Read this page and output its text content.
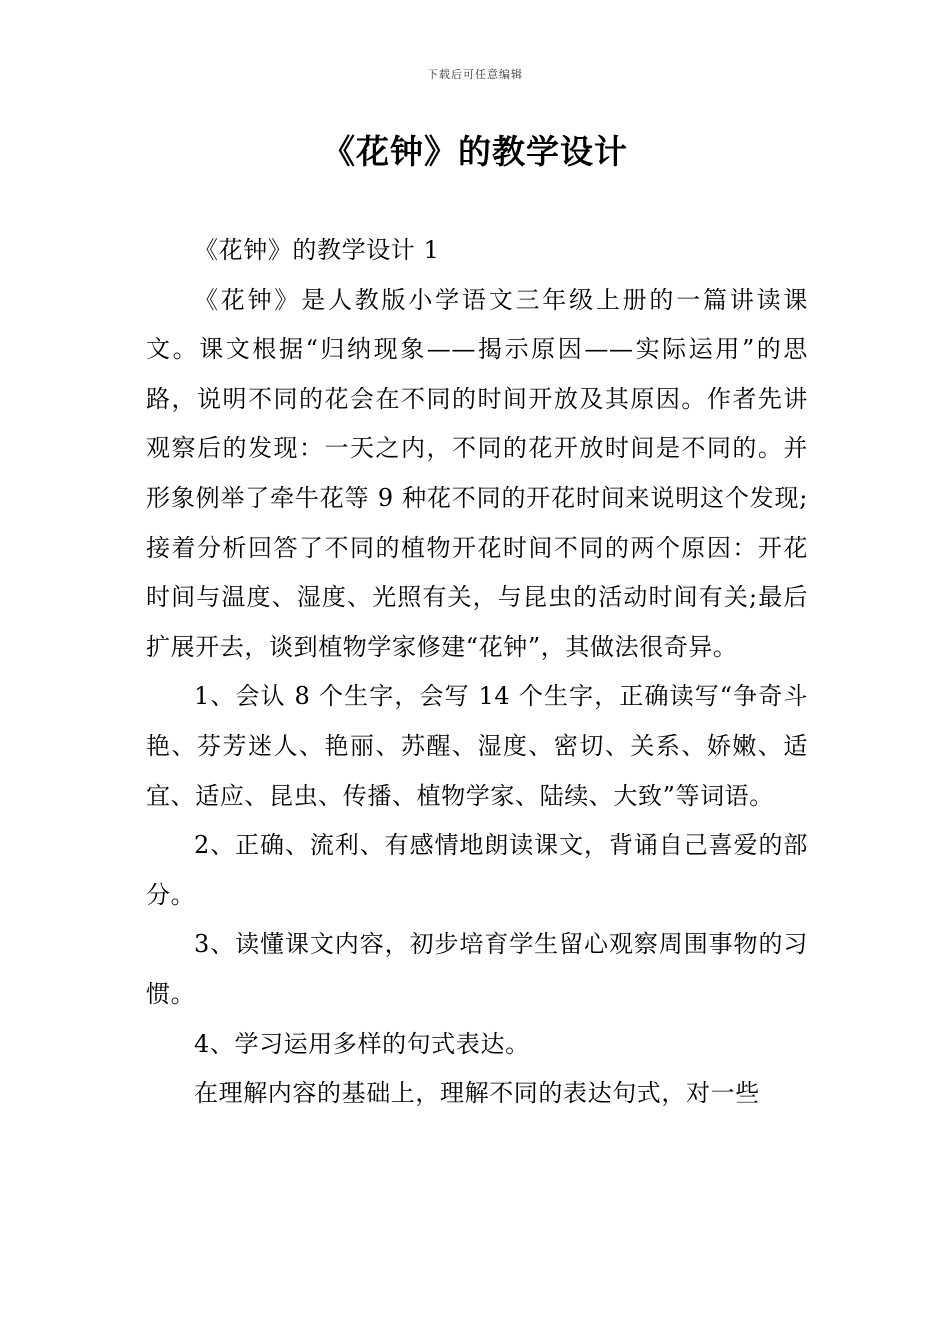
下载后可任意编辑
《花钟》的教学设计

《花钟》的教学设计 1

《花钟》是人教版小学语文三年级上册的一篇讲读课文。课文根据“归纳现象——揭示原因——实际运用”的思路，说明不同的花会在不同的时间开放及其原因。作者先讲观察后的发现：一天之内，不同的花开放时间是不同的。并形象例举了牵牛花等 9 种花不同的开花时间来说明这个发现;接着分析回答了不同的植物开花时间不同的两个原因：开花时间与温度、湿度、光照有关，与昆虫的活动时间有关;最后扩展开去，谈到植物学家修建“花钟”，其做法很奇异。

1、会认 8 个生字，会写 14 个生字，正确读写“争奇斗艳、芬芳迷人、艳丽、苏醒、湿度、密切、关系、娇嫩、适宜、适应、昆虫、传播、植物学家、陆续、大致”等词语。

2、正确、流利、有感情地朗读课文，背诵自己喜爱的部分。

3、读懂课文内容，初步培育学生留心观察周围事物的习惯。

4、学习运用多样的句式表达。

在理解内容的基础上，理解不同的表达句式，对一些
